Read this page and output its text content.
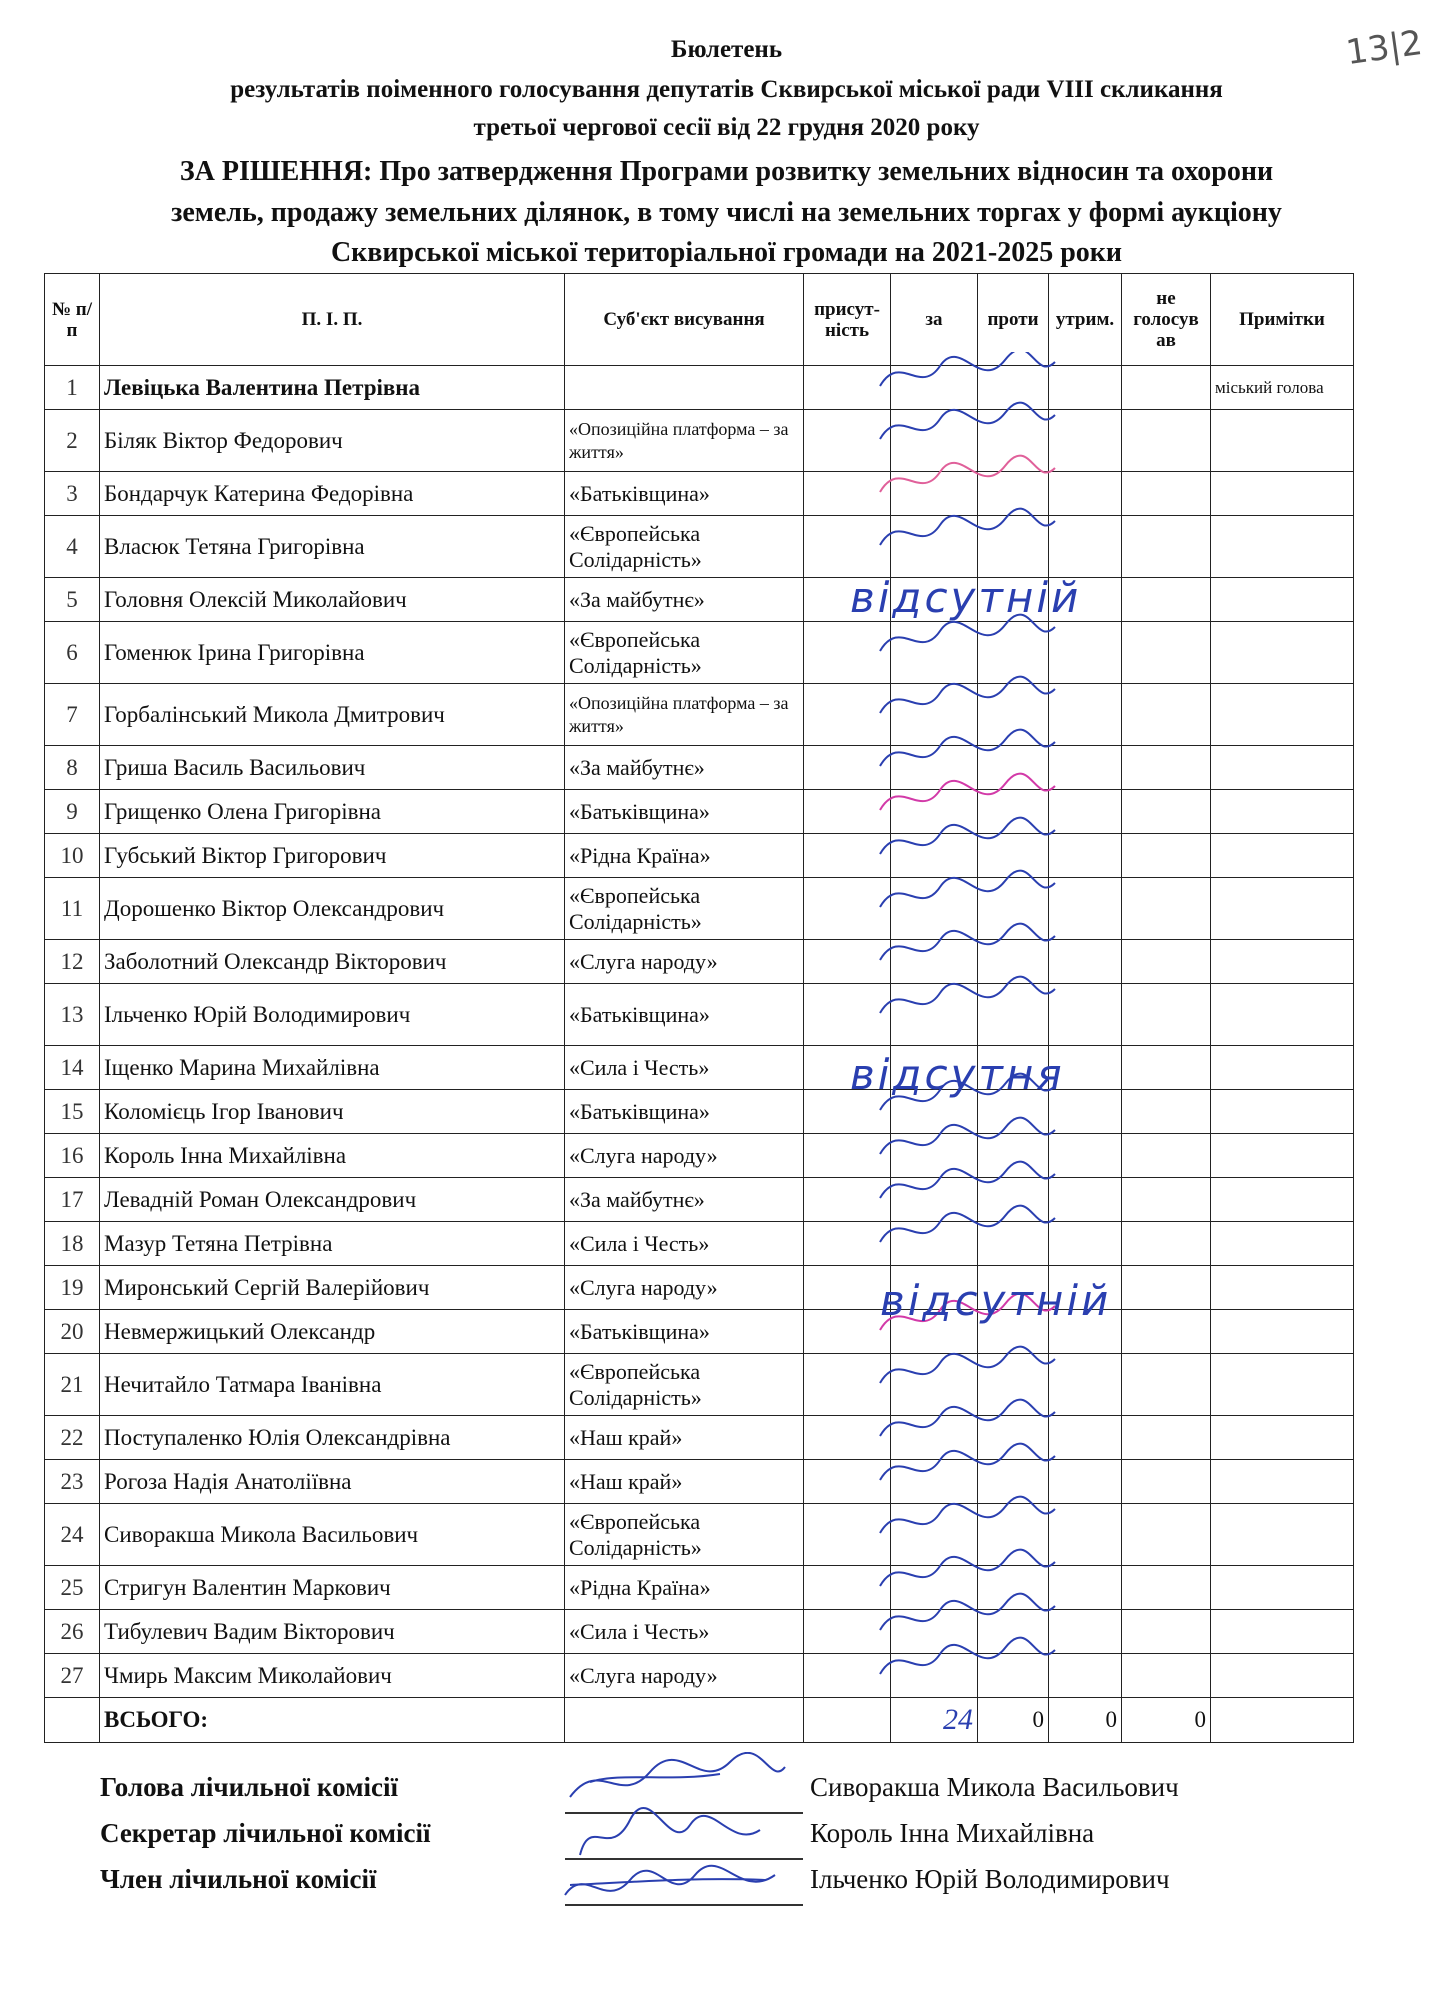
Бюлетень
результатів поіменного голосування депутатів Сквирської міської ради VIII скликання
третьої чергової сесії від 22 грудня 2020 року
ЗА РІШЕННЯ: Про затвердження Програми розвитку земельних відносин та охорони
земель, продажу земельних ділянок, в тому числі на земельних торгах у формі аукціону
Сквирської міської територіальної громади на 2021-2025 роки
13|2
№ п/п	П. І. П.	Суб'єкт висування	присут-ність	за	проти	утрим.	не голосув ав	Примітки
1	Левіцька Валентина Петрівна							міський голова
2	Біляк Віктор Федорович	«Опозиційна платформа – за життя»						
3	Бондарчук Катерина Федорівна	«Батьківщина»						
4	Власюк Тетяна Григорівна	«Європейська Солідарність»						
5	Головня Олексій Миколайович	«За майбутнє»						
6	Гоменюк Ірина Григорівна	«Європейська Солідарність»						
7	Горбалінський Микола Дмитрович	«Опозиційна платформа – за життя»						
8	Гриша Василь Васильович	«За майбутнє»						
9	Грищенко Олена Григорівна	«Батьківщина»						
10	Губський Віктор Григорович	«Рідна Країна»						
11	Дорошенко Віктор Олександрович	«Європейська Солідарність»						
12	Заболотний Олександр Вікторович	«Слуга народу»						
13	Ільченко Юрій Володимирович	«Батьківщина»						
14	Іщенко Марина Михайлівна	«Сила і Честь»						
15	Коломієць Ігор Іванович	«Батьківщина»						
16	Король Інна Михайлівна	«Слуга народу»						
17	Левадній Роман Олександрович	«За майбутнє»						
18	Мазур Тетяна Петрівна	«Сила і Честь»						
19	Миронський Сергій Валерійович	«Слуга народу»						
20	Невмержицький Олександр	«Батьківщина»						
21	Нечитайло Татмара Іванівна	«Європейська Солідарність»						
22	Поступаленко Юлія Олександрівна	«Наш край»						
23	Рогоза Надія Анатоліївна	«Наш край»						
24	Сиворакша Микола Васильович	«Європейська Солідарність»						
25	Стригун Валентин Маркович	«Рідна Країна»						
26	Тибулевич Вадим Вікторович	«Сила і Честь»						
27	Чмирь Максим Миколайович	«Слуга народу»						
	ВСЬОГО:			24	0	0	0	
відсутній
відсутня
відсутній
Голова лічильної комісії	Сиворакша Микола Васильович
Секретар лічильної комісії	Король Інна Михайлівна
Член лічильної комісії	Ільченко Юрій Володимирович
